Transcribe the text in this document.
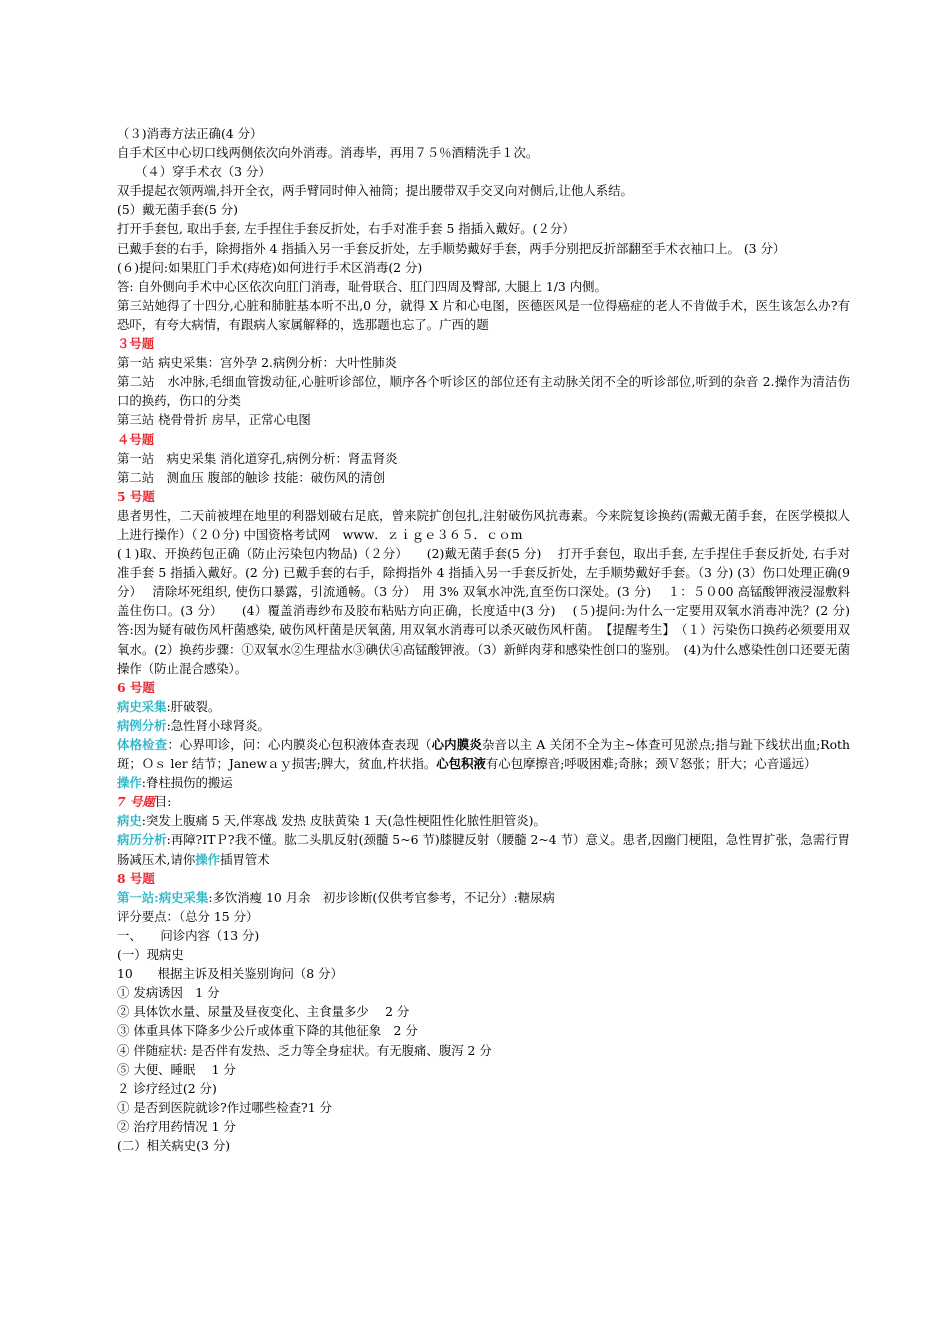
（３)消毒方法正确(4 分）
自手术区中心切口线两侧依次向外消毒。消毒毕，再用７５％酒精洗手１次。
（４）穿手术衣（3 分）
双手提起衣领两端,抖开全衣，两手臂同时伸入袖筒；提出腰带双手交叉向对侧后,让他人系结。
(5）戴无菌手套(5 分)
打开手套包, 取出手套, 左手捏住手套反折处，右手对准手套 5 指插入戴好。(２分）
已戴手套的右手，除拇指外 4 指插入另一手套反折处，左手顺势戴好手套，两手分别把反折部翻至手术衣袖口上。 (3 分）
(６)提问:如果肛门手术(痔疮)如何进行手术区消毒(2 分)
答: 自外侧向手术中心区依次向肛门消毒，耻骨联合、肛门四周及臀部, 大腿上 1/3 内侧。
第三站她得了十四分,心脏和肺脏基本听不出,0 分，就得 X 片和心电图，医德医风是一位得癌症的老人不肯做手术，医生该怎么办?有恐吓，有夸大病情，有跟病人家属解释的，选那题也忘了。广西的题
３号题
第一站 病史采集：宫外孕 2.病例分析：大叶性肺炎
第二站　水冲脉,毛细血管拨动征,心脏听诊部位，顺序各个听诊区的部位还有主动脉关闭不全的听诊部位,听到的杂音 2.操作为清洁伤口的换药，伤口的分类
第三站 桡骨骨折 房早，正常心电图
４号题
第一站　病史采集 消化道穿孔,病例分析：肾盂肾炎
第二站　测血压 腹部的触诊 技能：破伤风的清创
5 号题
患者男性，二天前被埋在地里的利器划破右足底，曾来院扩创包扎,注射破伤风抗毒素。今来院复诊换药(需戴无菌手套，在医学模拟人上进行操作）（２０分) 中国资格考试网　www．ｚｉｇｅ３６５．ｃｏm
(１)取、开换药包正确（防止污染包内物品)（２分）　　(2)戴无菌手套(5 分)　 打开手套包，取出手套, 左手捏住手套反折处, 右手对准手套 5 指插入戴好。(2 分) 已戴手套的右手，除拇指外 4 指插入另一手套反折处，左手顺势戴好手套。（3 分) (3）伤口处理正确(9 分）　 清除坏死组织, 使伤口暴露，引流通畅。（3 分）　用 3% 双氧水冲洗,直至伤口深处。(3 分)　 １：５０00 高锰酸钾液浸湿敷料盖住伤口。(3 分）　　(4）覆盖消毒纱布及胶布粘贴方向正确，长度适中(3 分)　 (５)提问:为什么一定要用双氧水消毒冲洗？(2 分) 答:因为疑有破伤风杆菌感染, 破伤风杆菌是厌氧菌, 用双氧水消毒可以杀灭破伤风杆菌。　【提醒考生】　（１）污染伤口换药必须要用双氧水。(2）换药步骤：①双氧水②生理盐水③碘伏④高锰酸钾液。（3）新鲜肉芽和感染性创口的鉴别。　(4)为什么感染性创口还要无菌操作（防止混合感染）。
6 号题
病史采集:肝破裂。
病例分析:急性肾小球肾炎。
体格检查：心界叩诊，问：心内膜炎心包积液体查表现（心内膜炎杂音以主 A 关闭不全为主~体查可见淤点;指与趾下线状出血;Roth 斑；Ｏｓ ler 结节；Janewａｙ损害;脾大，贫血,杵状指。心包积液有心包摩擦音;呼吸困难;奇脉；颈Ｖ怒张；肝大；心音遥远）
操作:脊柱损伤的搬运
7 号题目:
病史:突发上腹痛 5 天,伴寒战 发热 皮肤黄染 1 天(急性梗阻性化脓性胆管炎)。
病历分析:再障?ITＰ?我不懂。肱二头肌反射(颈髓 5~6 节)膝腱反射（腰髓 2~4 节）意义。患者,因幽门梗阻，急性胃扩张，急需行胃肠减压术,请你操作插胃管术
8 号题
第一站:病史采集:多饮消瘦 10 月余　初步诊断(仅供考官参考，不记分）:糖尿病
评分要点：（总分 15 分）
一、　　问诊内容（13 分)
(一）现病史
10　　根据主诉及相关鉴别询问（8 分）
① 发病诱因　1 分
② 具体饮水量、尿量及昼夜变化、主食量多少　 2 分
③ 体重具体下降多少公斤或体重下降的其他征象　2 分
④ 伴随症状: 是否伴有发热、乏力等全身症状。有无腹痛、腹泻 2 分
⑤ 大便、睡眠　 1 分
２ 诊疗经过(2 分)
① 是否到医院就诊?作过哪些检查?1 分
② 治疗用药情况 1 分
(二）相关病史(3 分)
